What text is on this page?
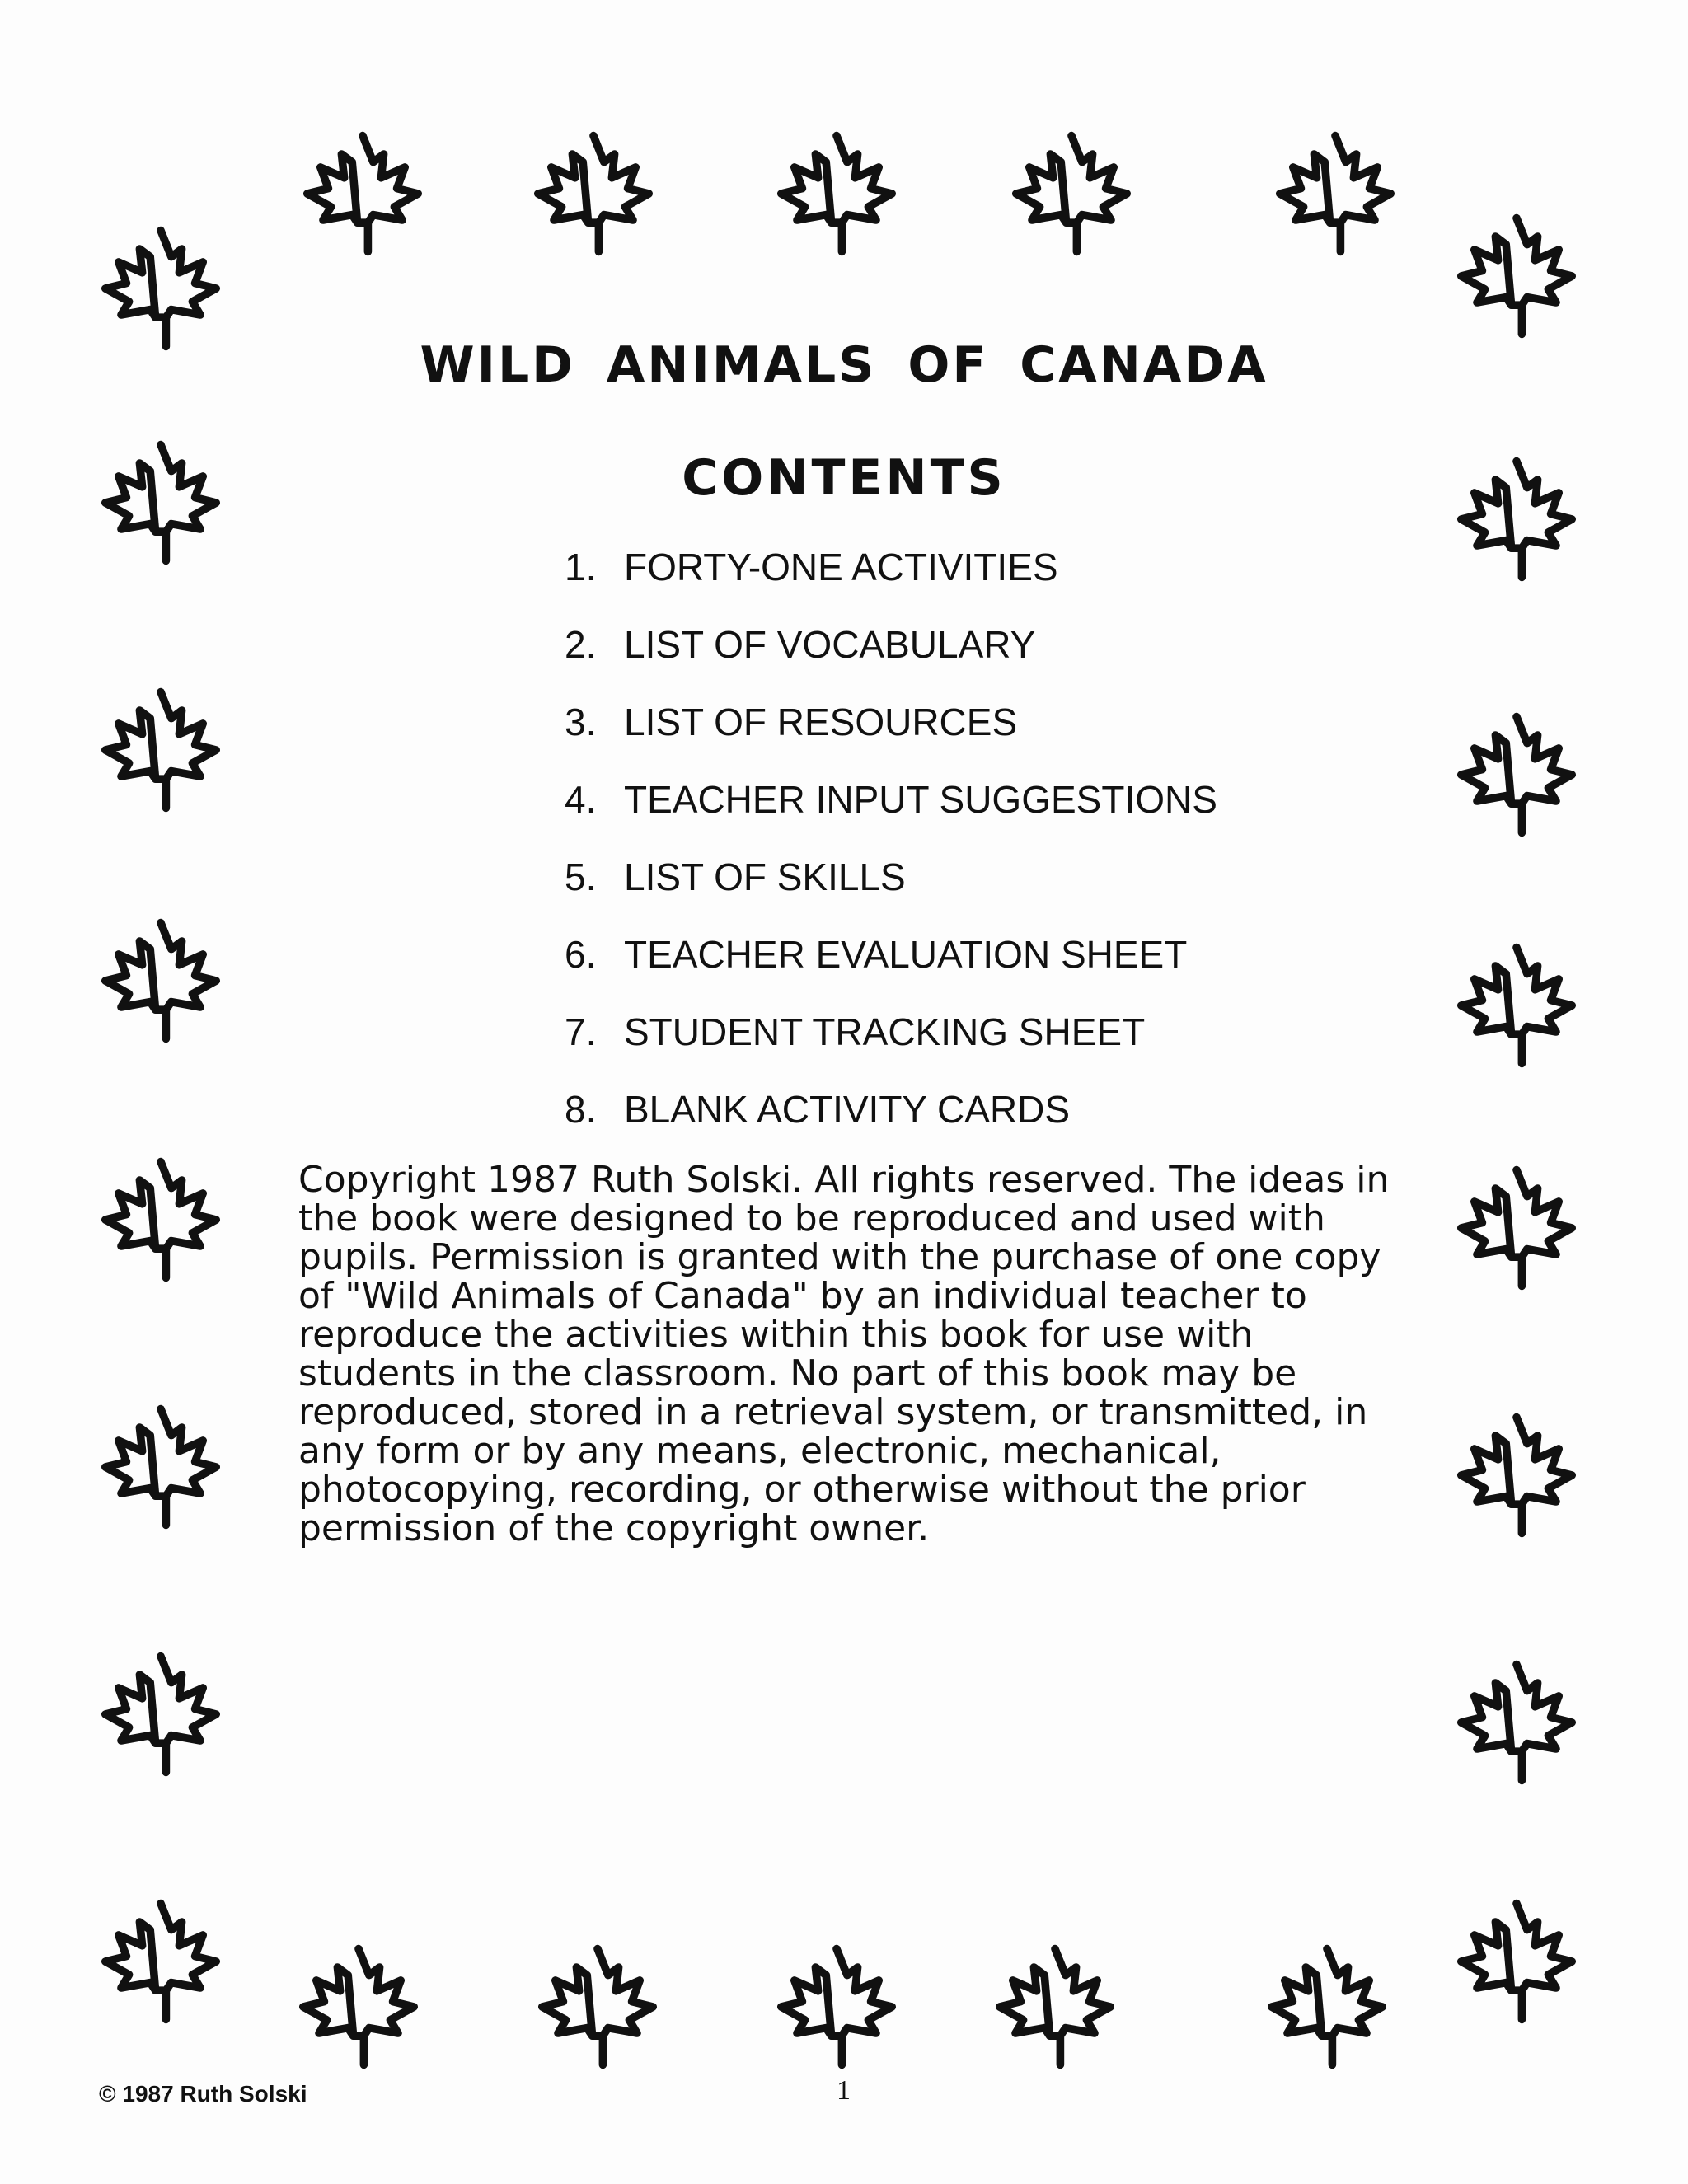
WILD ANIMALS OF CANADA
CONTENTS
1. FORTY-ONE ACTIVITIES
2. LIST OF VOCABULARY
3. LIST OF RESOURCES
4. TEACHER INPUT SUGGESTIONS
5. LIST OF SKILLS
6. TEACHER EVALUATION SHEET
7. STUDENT TRACKING SHEET
8. BLANK ACTIVITY CARDS

Copyright 1987 Ruth Solski. All rights reserved. The ideas in the book were designed to be reproduced and used with pupils. Permission is granted with the purchase of one copy of "Wild Animals of Canada" by an individual teacher to reproduce the activities within this book for use with students in the classroom. No part of this book may be reproduced, stored in a retrieval system, or transmitted, in any form or by any means, electronic, mechanical, photocopying, recording, or otherwise without the prior permission of the copyright owner.

© 1987 Ruth Solski	1
